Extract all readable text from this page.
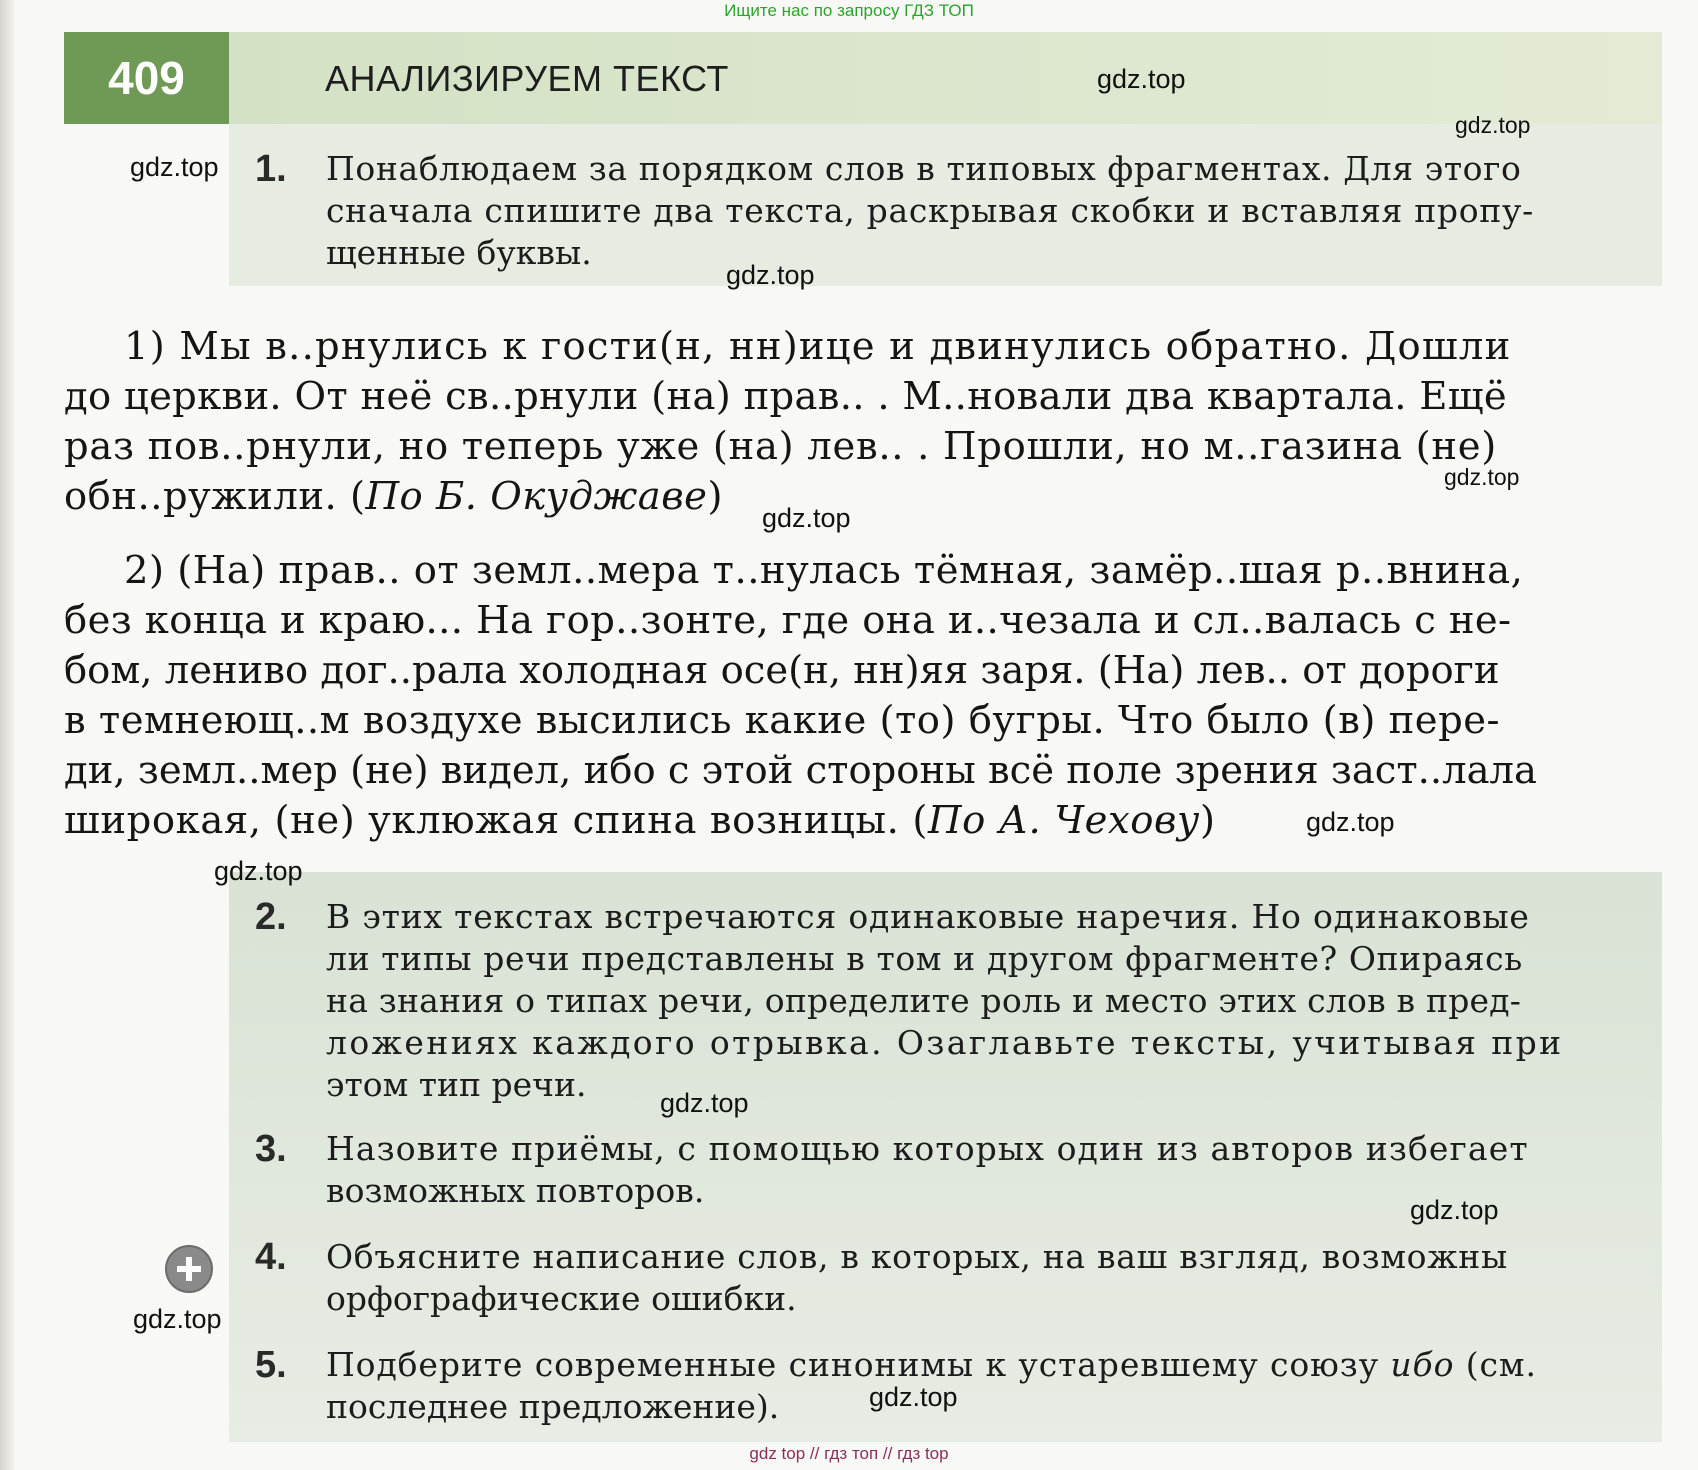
Ищите нас по запросу ГДЗ ТОП
409	АНАЛИЗИРУЕМ ТЕКСТ
1. Понаблюдаем за порядком слов в типовых фрагментах. Для этого
сначала спишите два текста, раскрывая скобки и вставляя пропу-
щенные буквы.
1) Мы в..рнулись к гости(н, нн)ице и двинулись обратно. Дошли
до церкви. От неё св..рнули (на) прав.. . М..новали два квартала. Ещё
раз пов..рнули, но теперь уже (на) лев.. . Прошли, но м..газина (не)
обн..ружили. (По Б. Окуджаве)
2) (На) прав.. от земл..мера т..нулась тёмная, замёр..шая р..внина,
без конца и краю... На гор..зонте, где она и..чезала и сл..валась с не-
бом, лениво дог..рала холодная осе(н, нн)яя заря. (На) лев.. от дороги
в темнеющ..м воздухе высились какие (то) бугры. Что было (в) пере-
ди, земл..мер (не) видел, ибо с этой стороны всё поле зрения заст..лала
широкая, (не) уклюжая спина возницы. (По А. Чехову)
2. В этих текстах встречаются одинаковые наречия. Но одинаковые
ли типы речи представлены в том и другом фрагменте? Опираясь
на знания о типах речи, определите роль и место этих слов в пред-
ложениях каждого отрывка. Озаглавьте тексты, учитывая при
этом тип речи.
3. Назовите приёмы, с помощью которых один из авторов избегает
возможных повторов.
4. Объясните написание слов, в которых, на ваш взгляд, возможны
орфографические ошибки.
5. Подберите современные синонимы к устаревшему союзу ибо (см.
последнее предложение).
gdz.top
gdz.top
gdz.top
gdz.top
gdz.top
gdz.top
gdz.top
gdz.top
gdz.top
gdz.top
gdz.top
gdz.top
gdz top // гдз топ // гдз top
